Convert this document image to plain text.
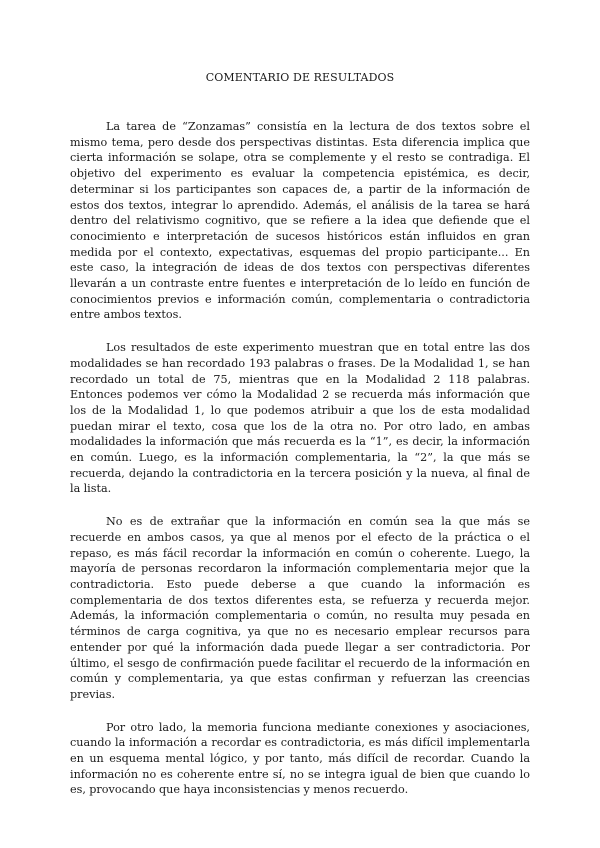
COMENTARIO DE RESULTADOS

La tarea de “Zonzamas” consistía en la lectura de dos textos sobre el mismo tema, pero desde dos perspectivas distintas. Esta diferencia implica que cierta información se solape, otra se complemente y el resto se contradiga. El objetivo del experimento es evaluar la competencia epistémica, es decir, determinar si los participantes son capaces de, a partir de la información de estos dos textos, integrar lo aprendido. Además, el análisis de la tarea se hará dentro del relativismo cognitivo, que se refiere a la idea que defiende que el conocimiento e interpretación de sucesos históricos están influidos en gran medida por el contexto, expectativas, esquemas del propio participante... En este caso, la integración de ideas de dos textos con perspectivas diferentes llevarán a un contraste entre fuentes e interpretación de lo leído en función de conocimientos previos e información común, complementaria o contradictoria entre ambos textos.

Los resultados de este experimento muestran que en total entre las dos modalidades se han recordado 193 palabras o frases. De la Modalidad 1, se han recordado un total de 75, mientras que en la Modalidad 2 118 palabras. Entonces podemos ver cómo la Modalidad 2 se recuerda más información que los de la Modalidad 1, lo que podemos atribuir a que los de esta modalidad puedan mirar el texto, cosa que los de la otra no. Por otro lado, en ambas modalidades la información que más recuerda es la “1”, es decir, la información en común. Luego, es la información complementaria, la “2”, la que más se recuerda, dejando la contradictoria en la tercera posición y la nueva, al final de la lista.

No es de extrañar que la información en común sea la que más se recuerde en ambos casos, ya que al menos por el efecto de la práctica o el repaso, es más fácil recordar la información en común o coherente. Luego, la mayoría de personas recordaron la información complementaria mejor que la contradictoria. Esto puede deberse a que cuando la información es complementaria de dos textos diferentes esta, se refuerza y recuerda mejor. Además, la información complementaria o común, no resulta muy pesada en términos de carga cognitiva, ya que no es necesario emplear recursos para entender por qué la información dada puede llegar a ser contradictoria. Por último, el sesgo de confirmación puede facilitar el recuerdo de la información en común y complementaria, ya que estas confirman y refuerzan las creencias previas.

Por otro lado, la memoria funciona mediante conexiones y asociaciones, cuando la información a recordar es contradictoria, es más difícil implementarla en un esquema mental lógico, y por tanto, más difícil de recordar. Cuando la información no es coherente entre sí, no se integra igual de bien que cuando lo es, provocando que haya inconsistencias y menos recuerdo.
